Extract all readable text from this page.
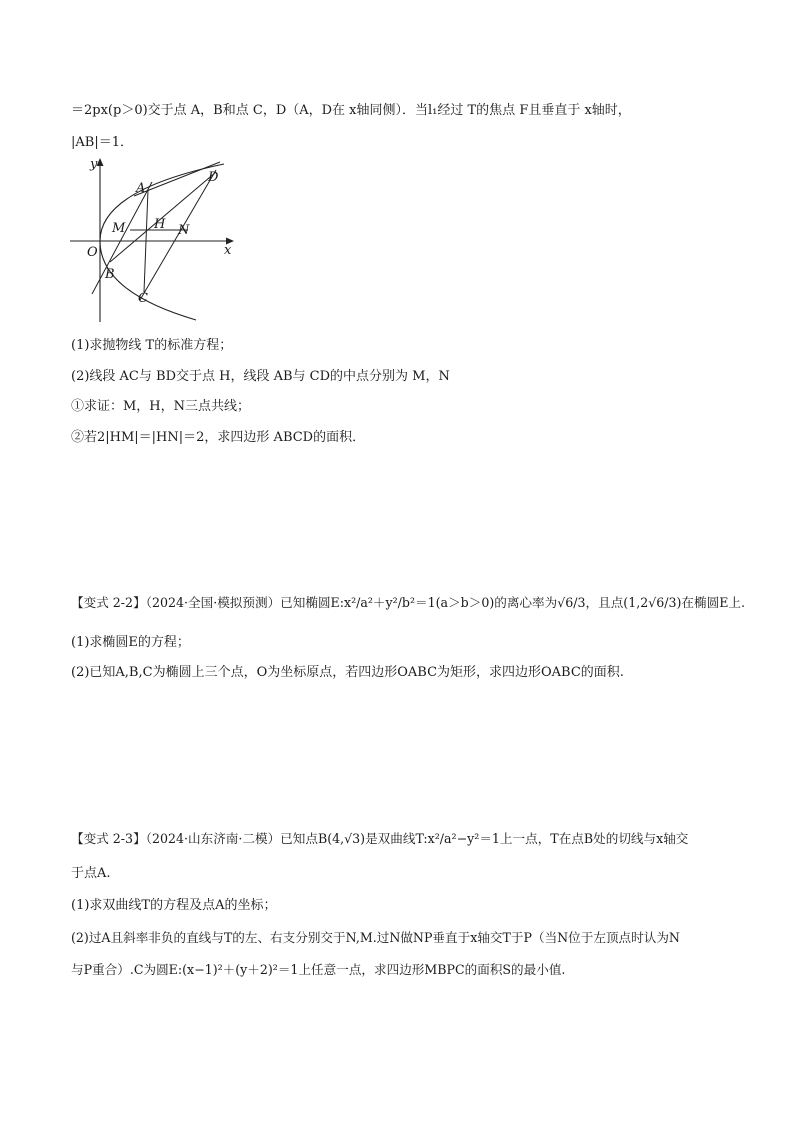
＝2px(p＞0)交于点 A，B和点 C，D（A，D在 x轴同侧）．当l₁经过 T的焦点 F且垂直于 x轴时，
|AB|＝1．
y
x
O
A
B
C
D
M H N
(1)求抛物线 T的标准方程；
(2)线段 AC与 BD交于点 H，线段 AB与 CD的中点分别为 M，N
①求证：M，H，N三点共线；
②若2|HM|＝|HN|＝2，求四边形 ABCD的面积．
【变式 2-2】（2024·全国·模拟预测）已知椭圆E:x²/a²＋y²/b²＝1(a＞b＞0)的离心率为√6/3，且点(1,2√6/3)在椭圆E上.
(1)求椭圆E的方程；
(2)已知A,B,C为椭圆上三个点，O为坐标原点，若四边形OABC为矩形，求四边形OABC的面积.
【变式 2-3】（2024·山东济南·二模）已知点B(4,√3)是双曲线T:x²/a²−y²＝1上一点，T在点B处的切线与x轴交
于点A.
(1)求双曲线T的方程及点A的坐标；
(2)过A且斜率非负的直线与T的左、右支分别交于N,M.过N做NP垂直于x轴交T于P（当N位于左顶点时认为N
与P重合）.C为圆E:(x−1)²＋(y＋2)²＝1上任意一点，求四边形MBPC的面积S的最小值.
